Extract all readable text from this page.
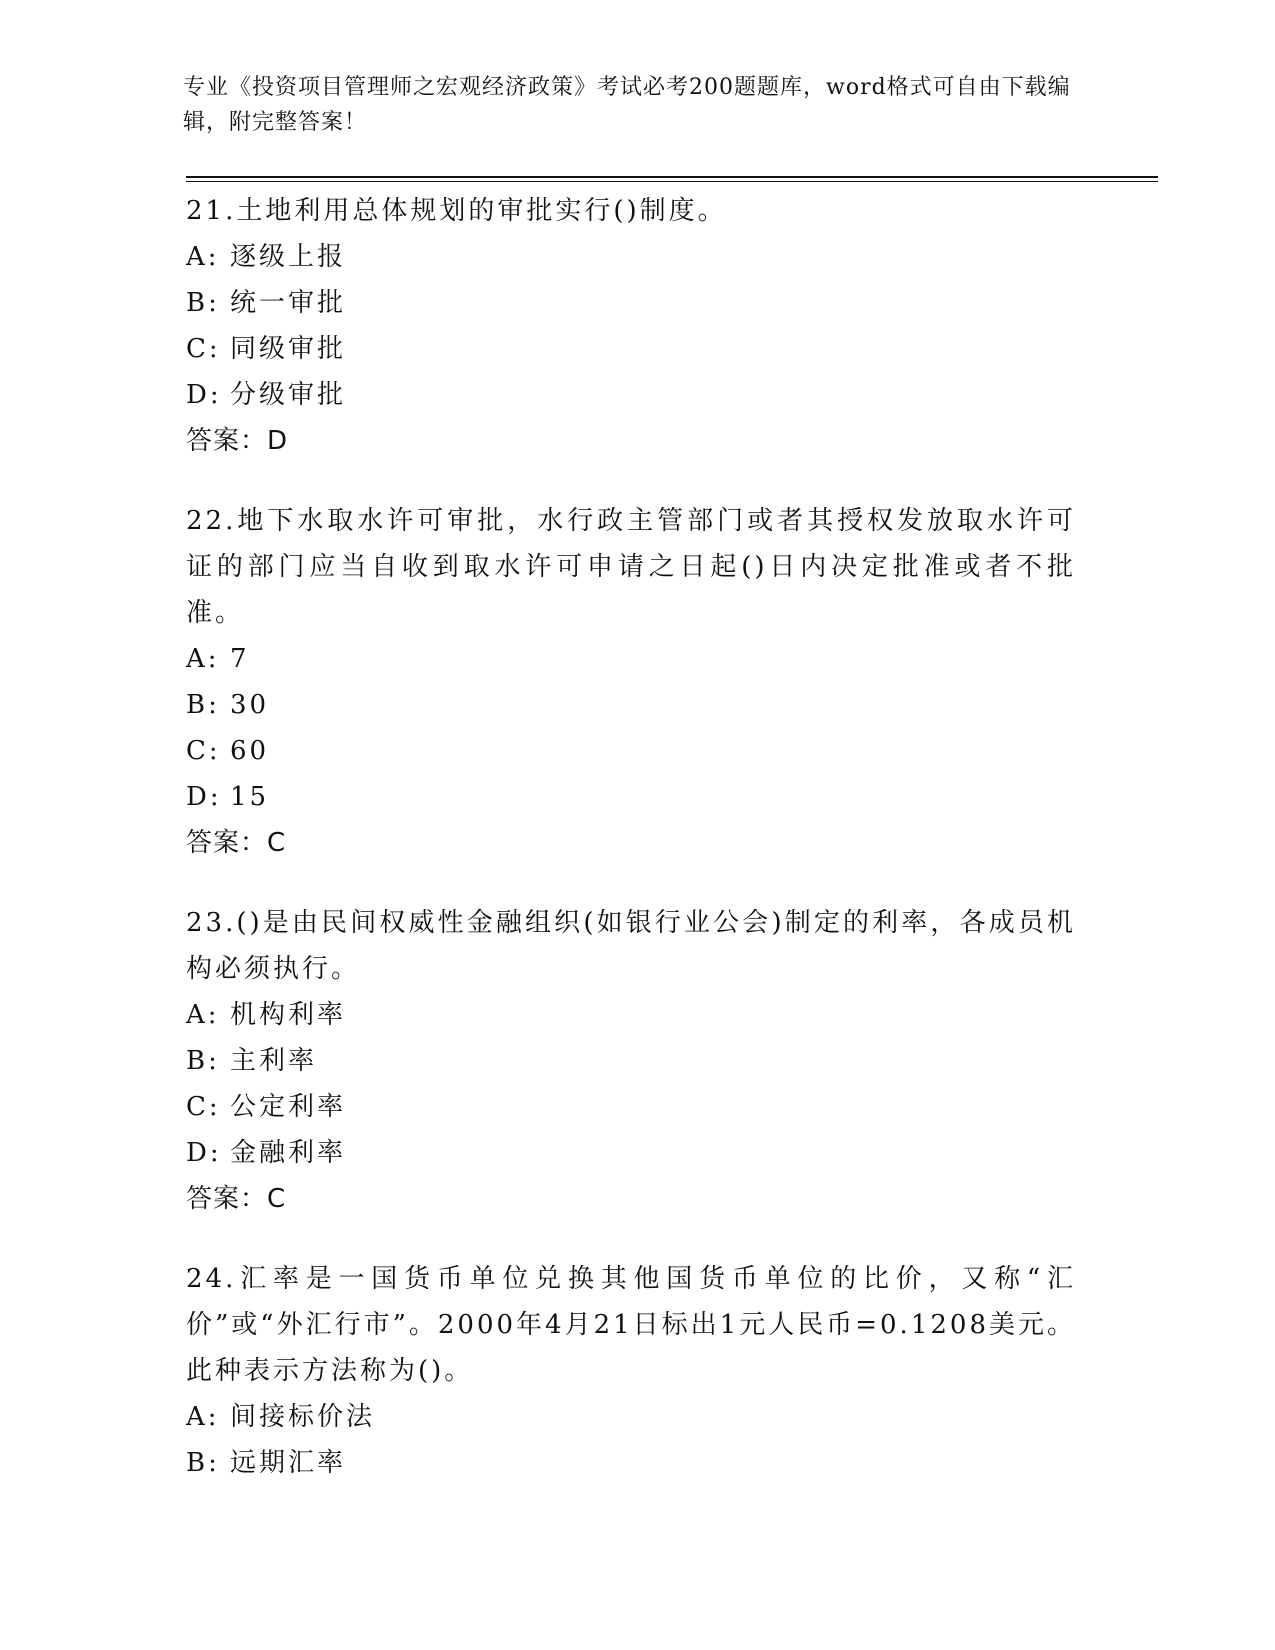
专业《投资项目管理师之宏观经济政策》考试必考200题题库，word格式可自由下载编辑，附完整答案！
21.土地利用总体规划的审批实行()制度。
A: 逐级上报
B: 统一审批
C: 同级审批
D: 分级审批
答案：D
22.地下水取水许可审批，水行政主管部门或者其授权发放取水许可证的部门应当自收到取水许可申请之日起()日内决定批准或者不批准。
A: 7
B: 30
C: 60
D: 15
答案：C
23.()是由民间权威性金融组织(如银行业公会)制定的利率，各成员机构必须执行。
A: 机构利率
B: 主利率
C: 公定利率
D: 金融利率
答案：C
24.汇率是一国货币单位兑换其他国货币单位的比价，又称“汇价”或“外汇行市”。2000年4月21日标出1元人民币=0.1208美元。此种表示方法称为()。
A: 间接标价法
B: 远期汇率
